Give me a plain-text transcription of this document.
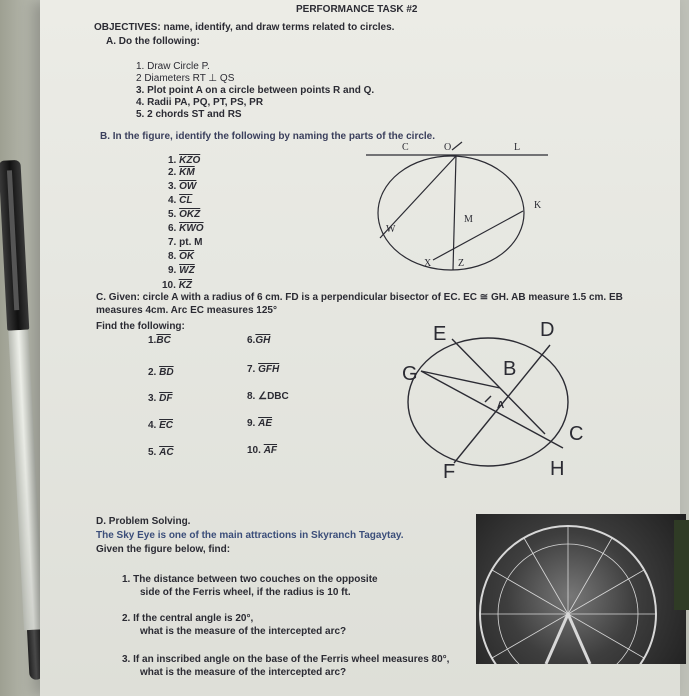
PERFORMANCE TASK #2
OBJECTIVES: name, identify, and draw terms related to circles.
A. Do the following:
1. Draw Circle P.
2 Diameters RT ⊥ QS
3. Plot point A on a circle between points R and Q.
4. Radii PA, PQ, PT, PS, PR
5. 2 chords ST and RS
B. In the figure, identify the following by naming the parts of the circle.
1. $\overline{KZO}$
2. $\overline{KM}$
3. $\overline{OW}$
4. $\overline{CL}$
5. $\overline{OKZ}$
6. $\overline{KWO}$
7. pt. M
8. $\overline{OK}$
9. $\overline{WZ}$
10. $\overline{KZ}$
C	O	L
K
M
W
X	Z
E	D
G	B
C
F	H
A
C. Given: circle A with a radius of 6 cm. FD is a perpendicular bisector of EC. EC ≅ GH. AB measure 1.5 cm. EB
measures 4cm. Arc EC measures 125°
Find the following:
$1.\overline{BC}$
2. $\overline{BD}$
3. $\overline{DF}$
4. $\overline{EC}$
5. $\overline{AC}$
$6.\overline{GH}$
7. $\overline{GFH}$
8. ∠DBC
9. $\overline{AE}$
10. $\overline{AF}$
D. Problem Solving.
The Sky Eye is one of the main attractions in Skyranch Tagaytay.
Given the figure below, find:
1. The distance between two couches on the opposite
side of the Ferris wheel, if the radius is 10 ft.
2. If the central angle is 20°,
what is the measure of the intercepted arc?
3. If an inscribed angle on the base of the Ferris wheel measures 80°,
what is the measure of the intercepted arc?
